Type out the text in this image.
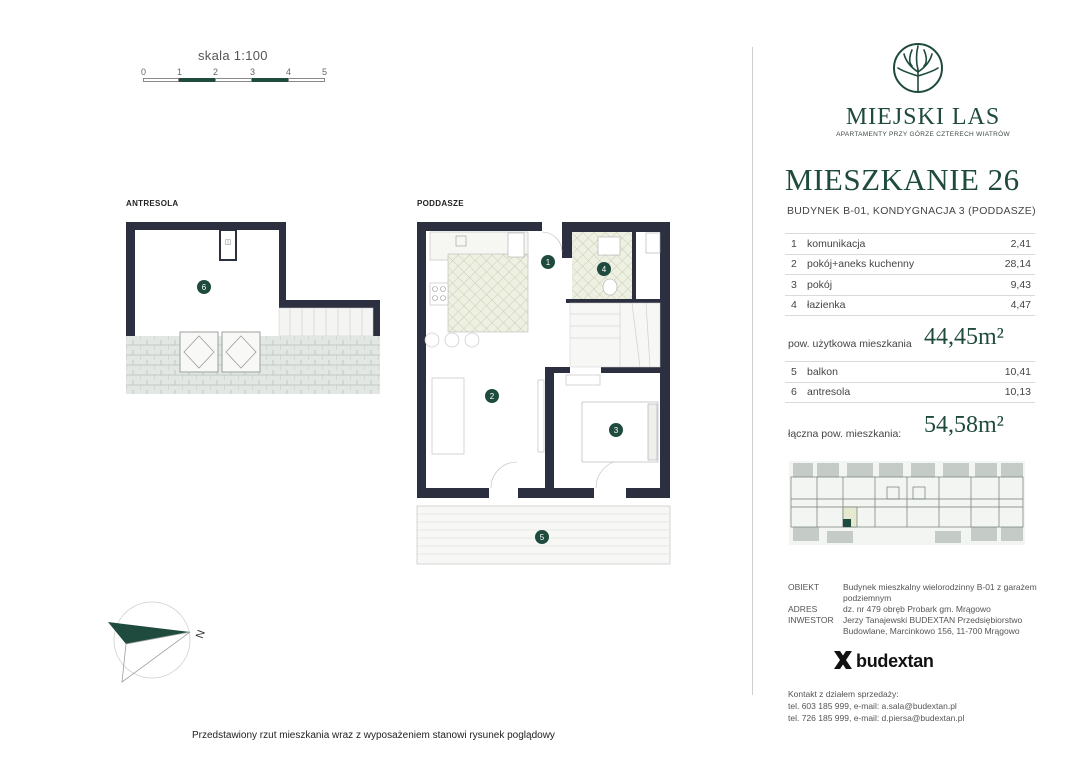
skala 1:100
0	1	2	3	4	5
ANTRESOLA	PODDASZE
◫
6
1
2
3
4
5
N
Przedstawiony rzut mieszkania wraz z wyposażeniem stanowi rysunek poglądowy
MIEJSKI LAS
APARTAMENTY PRZY GÓRZE CZTERECH WIATRÓW
MIESZKANIE 26
BUDYNEK B-01, KONDYGNACJA 3 (PODDASZE)
1	komunikacja	2,41
2	pokój+aneks kuchenny	28,14
3	pokój	9,43
4	łazienka	4,47
pow. użytkowa mieszkania 44,45m²
5	balkon	10,41
6	antresola	10,13
łączna pow. mieszkania: 54,58m²
OBIEKT	Budynek mieszkalny wielorodzinny B-01 z garażem podziemnym
ADRES	dz. nr 479 obręb Probark gm. Mrągowo
INWESTOR Jerzy Tanajewski BUDEXTAN Przedsiębiorstwo Budowlane, Marcinkowo 156, 11-700 Mrągowo
budextan
Kontakt z działem sprzedaży:
tel. 603 185 999, e-mail: a.sala@budextan.pl
tel. 726 185 999, e-mail: d.piersa@budextan.pl
